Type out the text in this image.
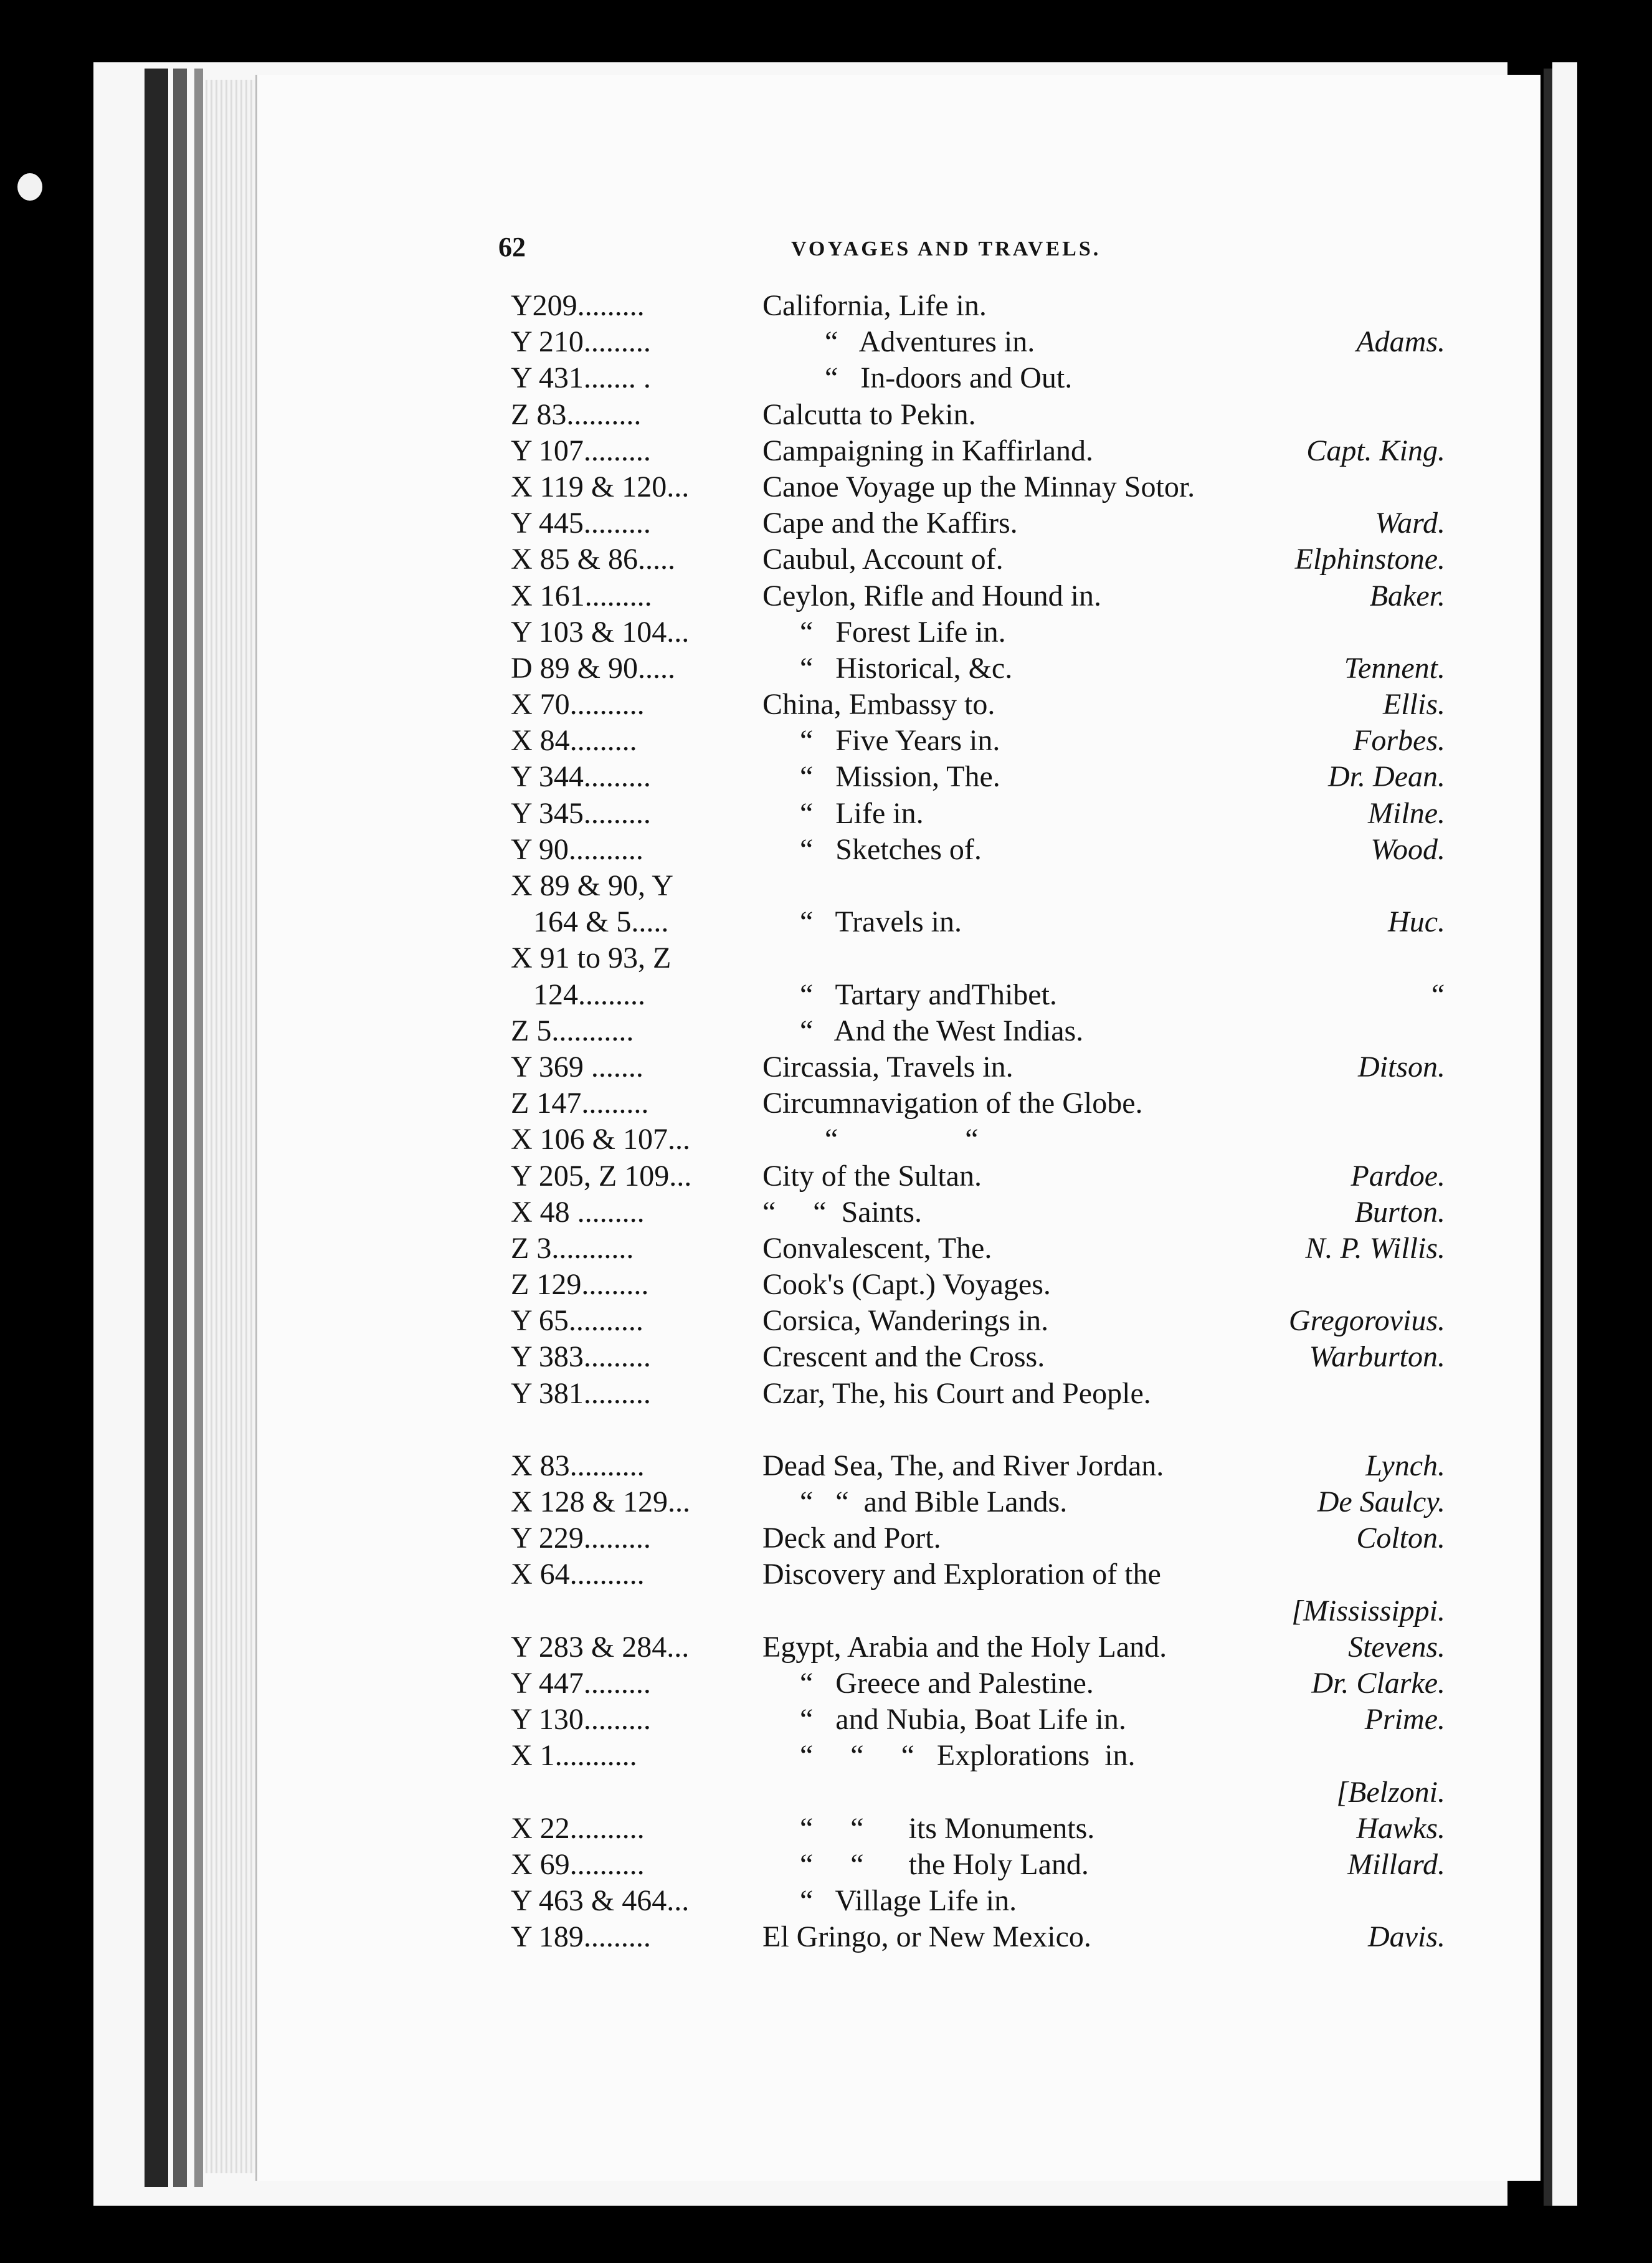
62	VOYAGES AND TRAVELS.
Y209.........	California, Life in.
Y 210.........	“   Adventures in.	Adams.
Y 431....... .	“   In-doors and Out.
Z 83..........	Calcutta to Pekin.
Y 107.........	Campaigning in Kaffirland.	Capt. King.
X 119 & 120... Canoe Voyage up the Minnay Sotor.
Y 445.........	Cape and the Kaffirs.	Ward.
X 85 & 86.....	Caubul, Account of.	Elphinstone.
X 161.........	Ceylon, Rifle and Hound in.	Baker.
Y 103 & 104...	“   Forest Life in.
D 89 & 90.....	“   Historical, &c.	Tennent.
X 70..........	China, Embassy to.	Ellis.
X 84.........	“   Five Years in.	Forbes.
Y 344.........	“   Mission, The.	Dr. Dean.
Y 345.........	“   Life in.	Milne.
Y 90..........	“   Sketches of.	Wood.
X 89 & 90, Y
164 & 5.....	“   Travels in.	Huc.
X 91 to 93, Z
124.........	“   Tartary andThibet.	“
Z 5...........	“   And the West Indias.
Y 369 .......	Circassia, Travels in.	Ditson.
Z 147.........	Circumnavigation of the Globe.
X 106 & 107...	“                 “
Y 205, Z 109... City of the Sultan.	Pardoe.
X 48 .........	“     “  Saints.	Burton.
Z 3...........	Convalescent, The.	N. P. Willis.
Z 129.........	Cook's (Capt.) Voyages.
Y 65..........	Corsica, Wanderings in.	Gregorovius.
Y 383.........	Crescent and the Cross.	Warburton.
Y 381.........	Czar, The, his Court and People.
X 83..........	Dead Sea, The, and River Jordan.	Lynch.
X 128 & 129...	“   “  and Bible Lands.	De Saulcy.
Y 229.........	Deck and Port.	Colton.
X 64..........	Discovery and Exploration of the
[Mississippi.
Y 283 & 284... Egypt, Arabia and the Holy Land.	Stevens.
Y 447.........	“   Greece and Palestine.	Dr. Clarke.
Y 130.........	“   and Nubia, Boat Life in.	Prime.
X 1...........	“     “     “   Explorations  in.
[Belzoni.
X 22..........	“     “      its Monuments.	Hawks.
X 69..........	“     “      the Holy Land.	Millard.
Y 463 & 464...	“   Village Life in.
Y 189.........	El Gringo, or New Mexico.	Davis.
